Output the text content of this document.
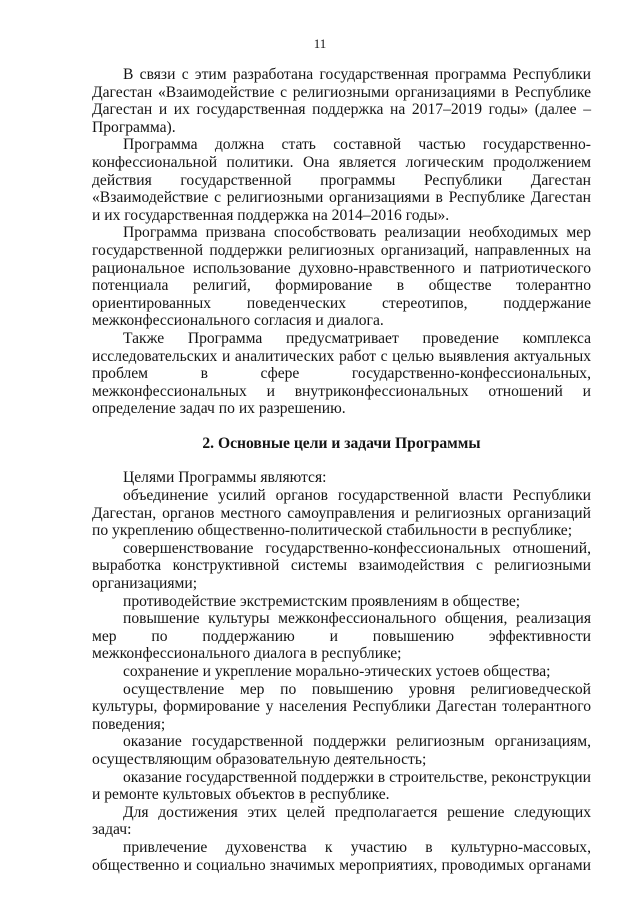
11

В связи с этим разработана государственная программа Республики Дагестан «Взаимодействие с религиозными организациями в Республике Дагестан и их государственная поддержка на 2017–2019 годы» (далее – Программа).

Программа должна стать составной частью государственно-конфессиональной политики. Она является логическим продолжением действия государственной программы Республики Дагестан «Взаимодействие с религиозными организациями в Республике Дагестан и их государственная поддержка на 2014–2016 годы».

Программа призвана способствовать реализации необходимых мер государственной поддержки религиозных организаций, направленных на рациональное использование духовно-нравственного и патриотического потенциала религий, формирование в обществе толерантно ориентированных поведенческих стереотипов, поддержание межконфессионального согласия и диалога.

Также Программа предусматривает проведение комплекса исследовательских и аналитических работ с целью выявления актуальных проблем в сфере государственно-конфессиональных, межконфессиональных и внутриконфессиональных отношений и определение задач по их разрешению.

2. Основные цели и задачи Программы

Целями Программы являются:

объединение усилий органов государственной власти Республики Дагестан, органов местного самоуправления и религиозных организаций по укреплению общественно-политической стабильности в республике;

совершенствование государственно-конфессиональных отношений, выработка конструктивной системы взаимодействия с религиозными организациями;

противодействие экстремистским проявлениям в обществе;

повышение культуры межконфессионального общения, реализация мер по поддержанию и повышению эффективности межконфессионального диалога в республике;

сохранение и укрепление морально-этических устоев общества;

осуществление мер по повышению уровня религиоведческой культуры, формирование у населения Республики Дагестан толерантного поведения;

оказание государственной поддержки религиозным организациям, осуществляющим образовательную деятельность;

оказание государственной поддержки в строительстве, реконструкции и ремонте культовых объектов в республике.

Для достижения этих целей предполагается решение следующих задач:

привлечение духовенства к участию в культурно-массовых, общественно и социально значимых мероприятиях, проводимых органами
